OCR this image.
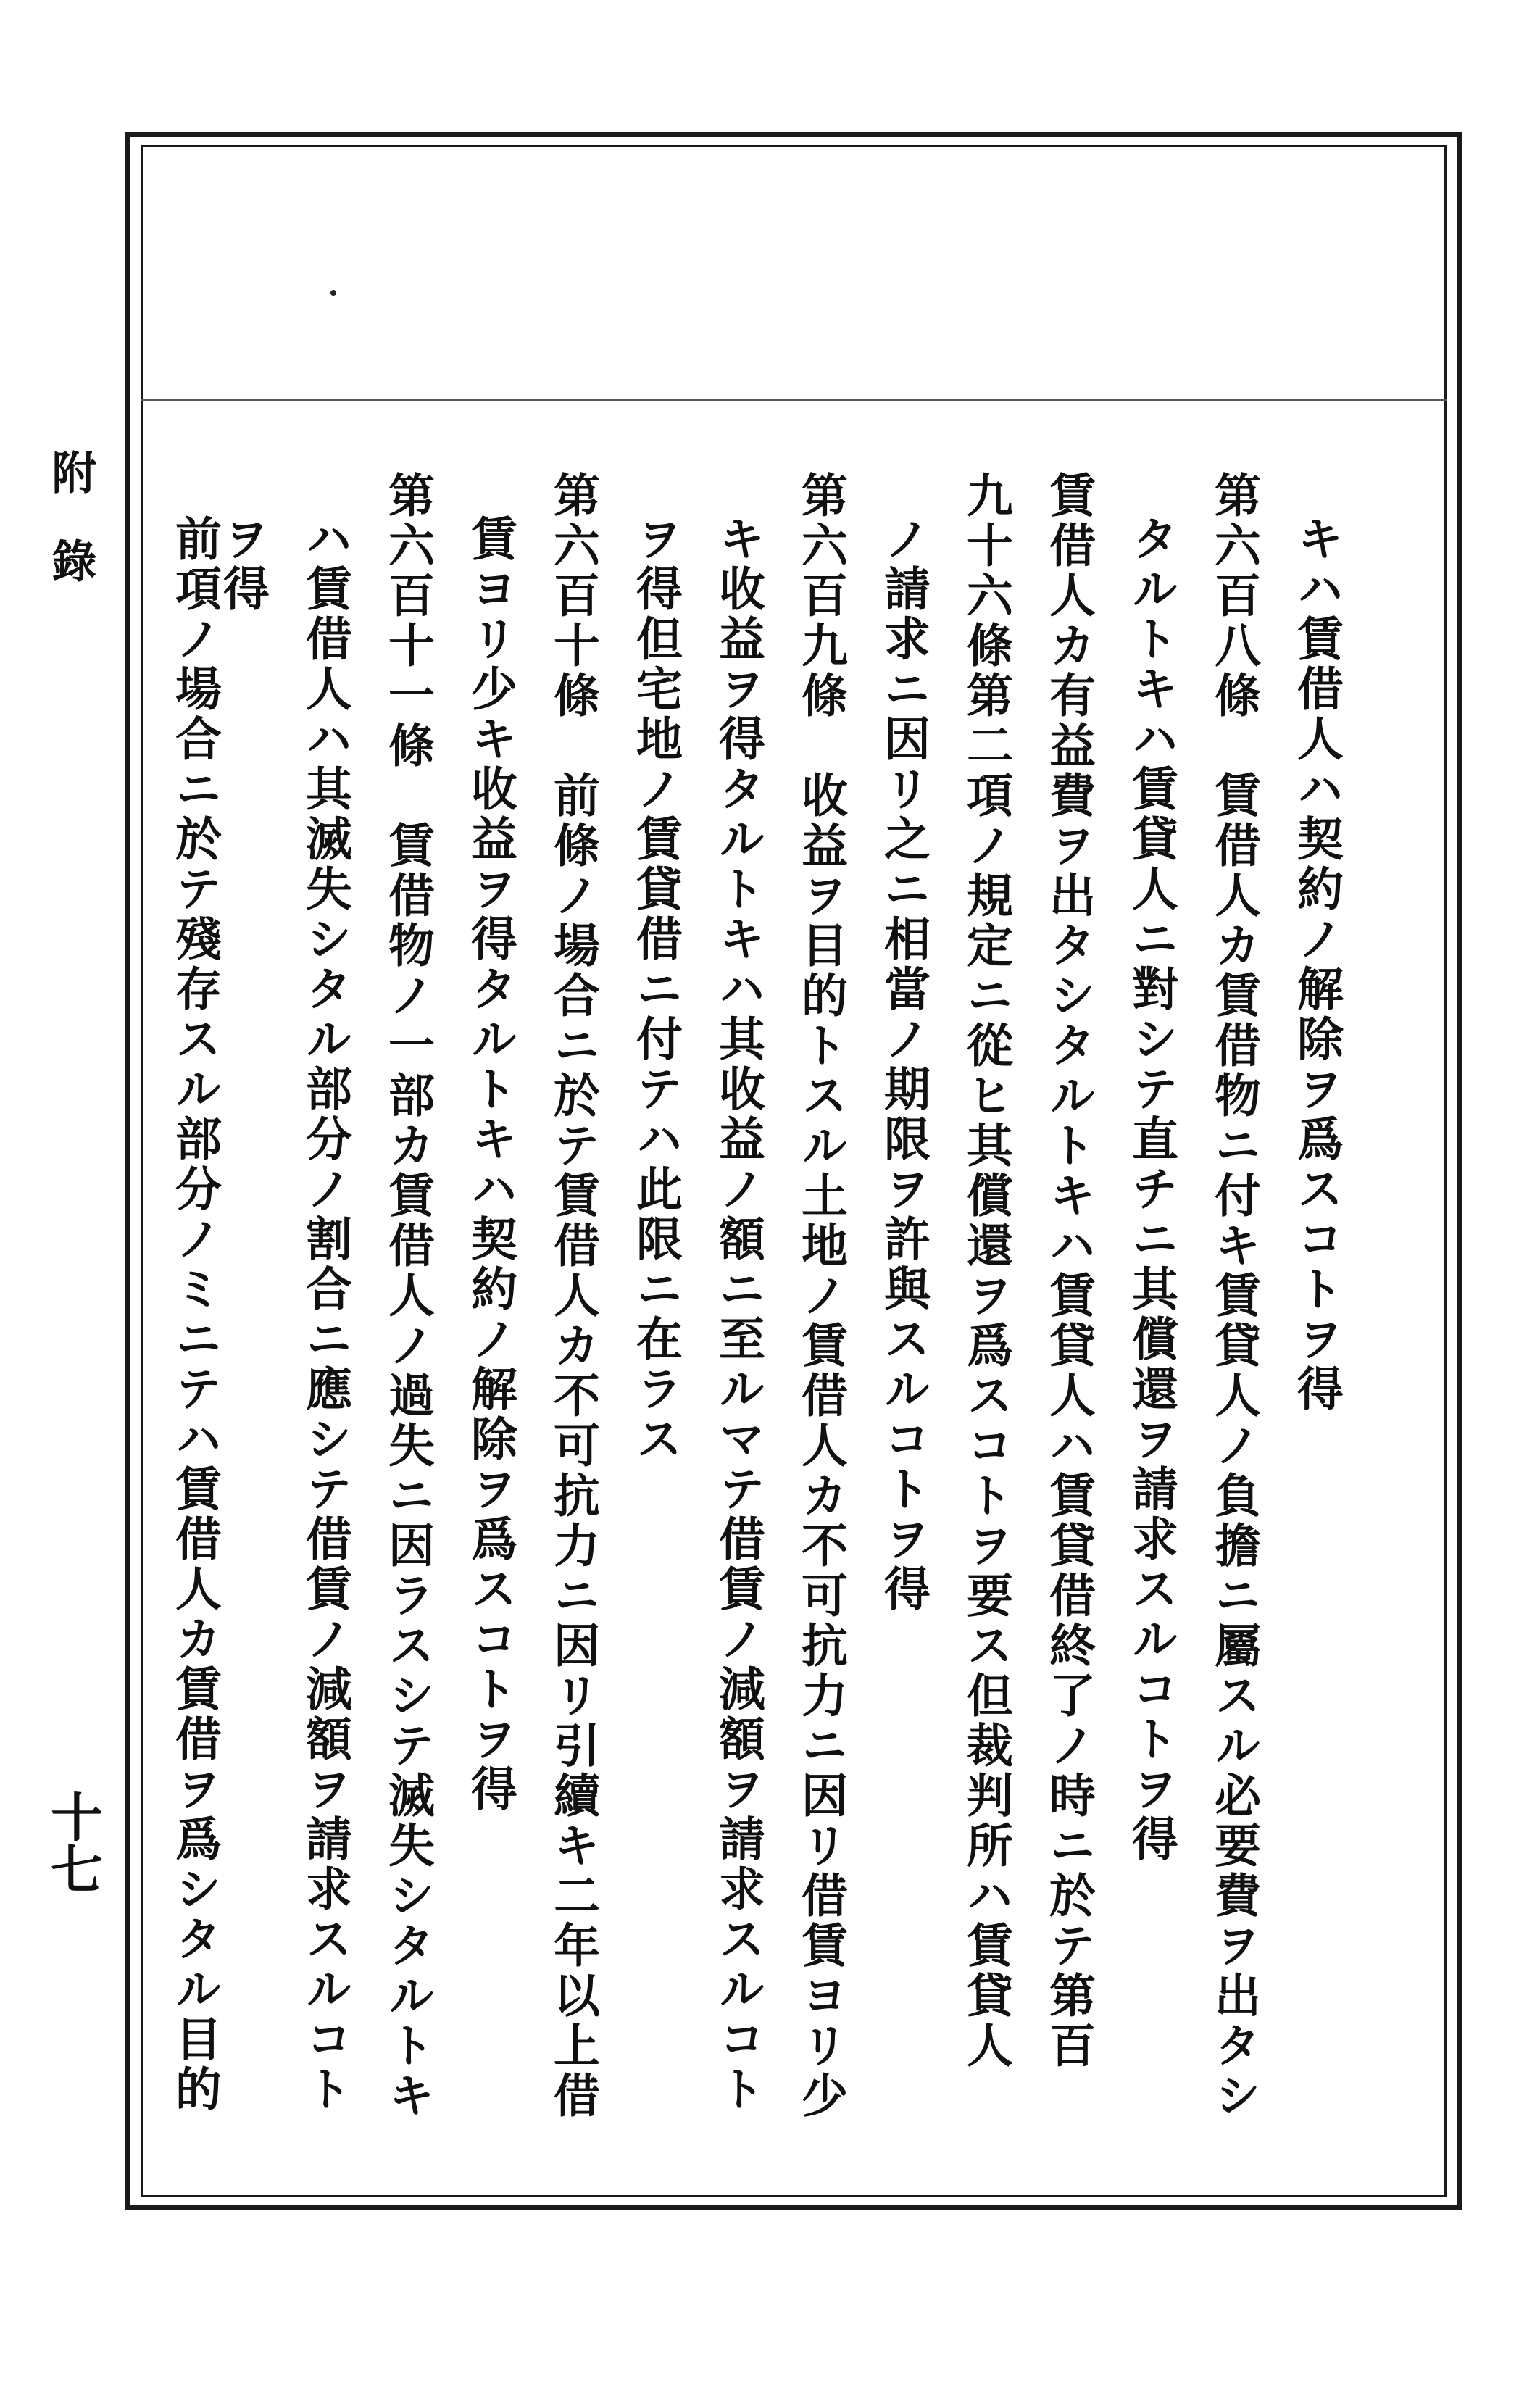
附錄
十七
キハ賃借人ハ契約ノ解除ヲ爲スコトヲ得
第六百八條　賃借人カ賃借物ニ付キ賃貸人ノ負擔ニ屬スル必要費ヲ出タシ
タルトキハ賃貸人ニ對シテ直チニ其償還ヲ請求スルコトヲ得
賃借人カ有益費ヲ出タシタルトキハ賃貸人ハ賃貸借終了ノ時ニ於テ第百
九十六條第二項ノ規定ニ從ヒ其償還ヲ爲スコトヲ要ス但裁判所ハ賃貸人
ノ請求ニ因リ之ニ相當ノ期限ヲ許與スルコトヲ得
第六百九條　收益ヲ目的トスル土地ノ賃借人カ不可抗力ニ因リ借賃ヨリ少
キ收益ヲ得タルトキハ其收益ノ額ニ至ルマテ借賃ノ減額ヲ請求スルコト
ヲ得但宅地ノ賃貸借ニ付テハ此限ニ在ラス
第六百十條　前條ノ場合ニ於テ賃借人カ不可抗力ニ因リ引續キ二年以上借
賃ヨリ少キ收益ヲ得タルトキハ契約ノ解除ヲ爲スコトヲ得
第六百十一條　賃借物ノ一部カ賃借人ノ過失ニ因ラスシテ滅失シタルトキ
ハ賃借人ハ其滅失シタル部分ノ割合ニ應シテ借賃ノ減額ヲ請求スルコト
ヲ得
前項ノ場合ニ於テ殘存スル部分ノミニテハ賃借人カ賃借ヲ爲シタル目的
